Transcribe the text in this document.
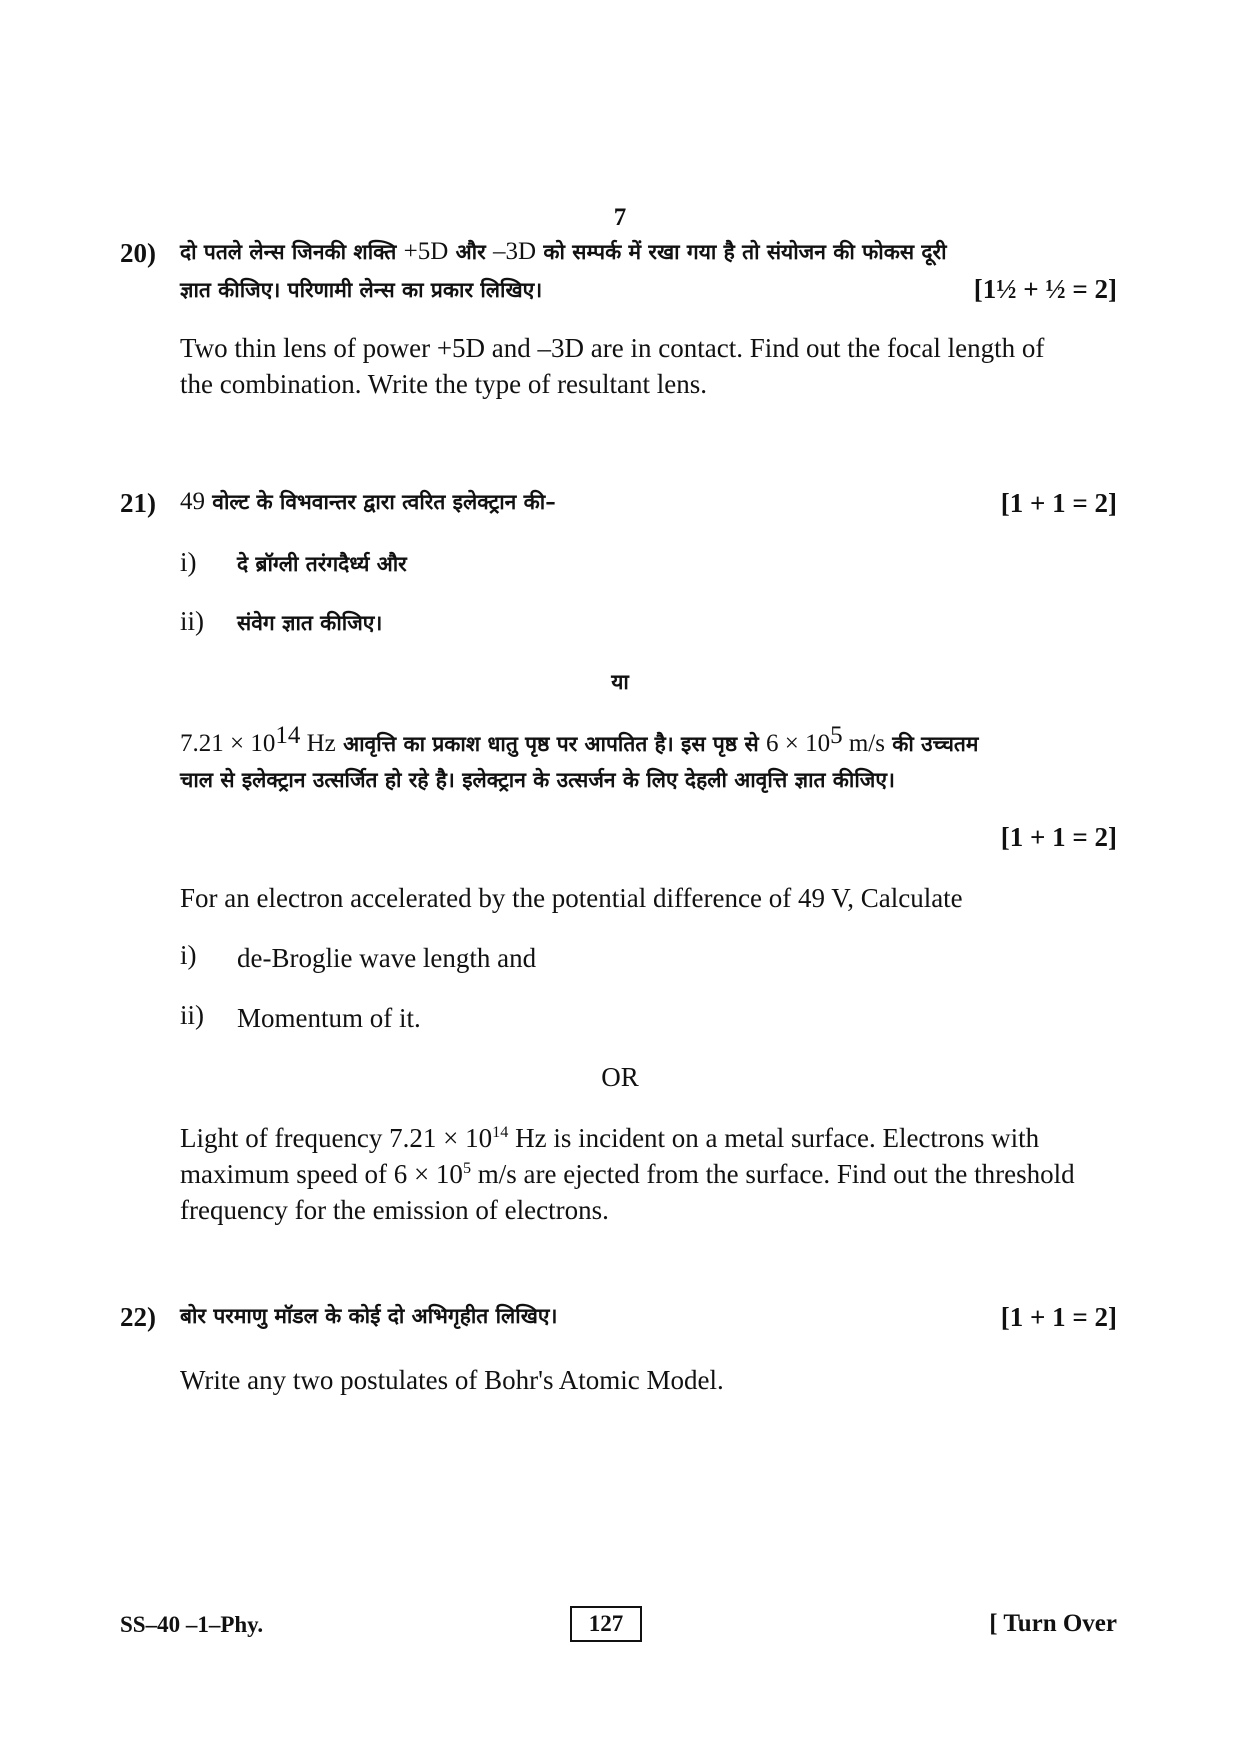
7
20) दो पतले लेन्स जिनकी शक्ति +5D और –3D को सम्पर्क में रखा गया है तो संयोजन की फोकस दूरी
ज्ञात कीजिए। परिणामी लेन्स का प्रकार लिखिए।	[1½ + ½ = 2]
Two thin lens of power +5D and –3D are in contact. Find out the focal length of
the combination. Write the type of resultant lens.
21) 49 वोल्ट के विभवान्तर द्वारा त्वरित इलेक्ट्रान की–	[1 + 1 = 2]
i) दे ब्रॉग्ली तरंगदैर्ध्य और
ii) संवेग ज्ञात कीजिए।
या
7.21 × 1014 Hz आवृत्ति का प्रकाश धातु पृष्ठ पर आपतित है। इस पृष्ठ से 6 × 105 m/s की उच्चतम
चाल से इलेक्ट्रान उत्सर्जित हो रहे है। इलेक्ट्रान के उत्सर्जन के लिए देहली आवृत्ति ज्ञात कीजिए।
[1 + 1 = 2]
For an electron accelerated by the potential difference of 49 V, Calculate
i) de-Broglie wave length and
ii) Momentum of it.
OR
Light of frequency $7.21 \times 10^{14}$ Hz is incident on a metal surface. Electrons with
maximum speed of $6 \times 10^5$ m/s are ejected from the surface. Find out the threshold
frequency for the emission of electrons.
22) बोर परमाणु मॉडल के कोई दो अभिगृहीत लिखिए।	[1 + 1 = 2]
Write any two postulates of Bohr's Atomic Model.
SS–40 –1–Phy.	127	[ Turn Over
